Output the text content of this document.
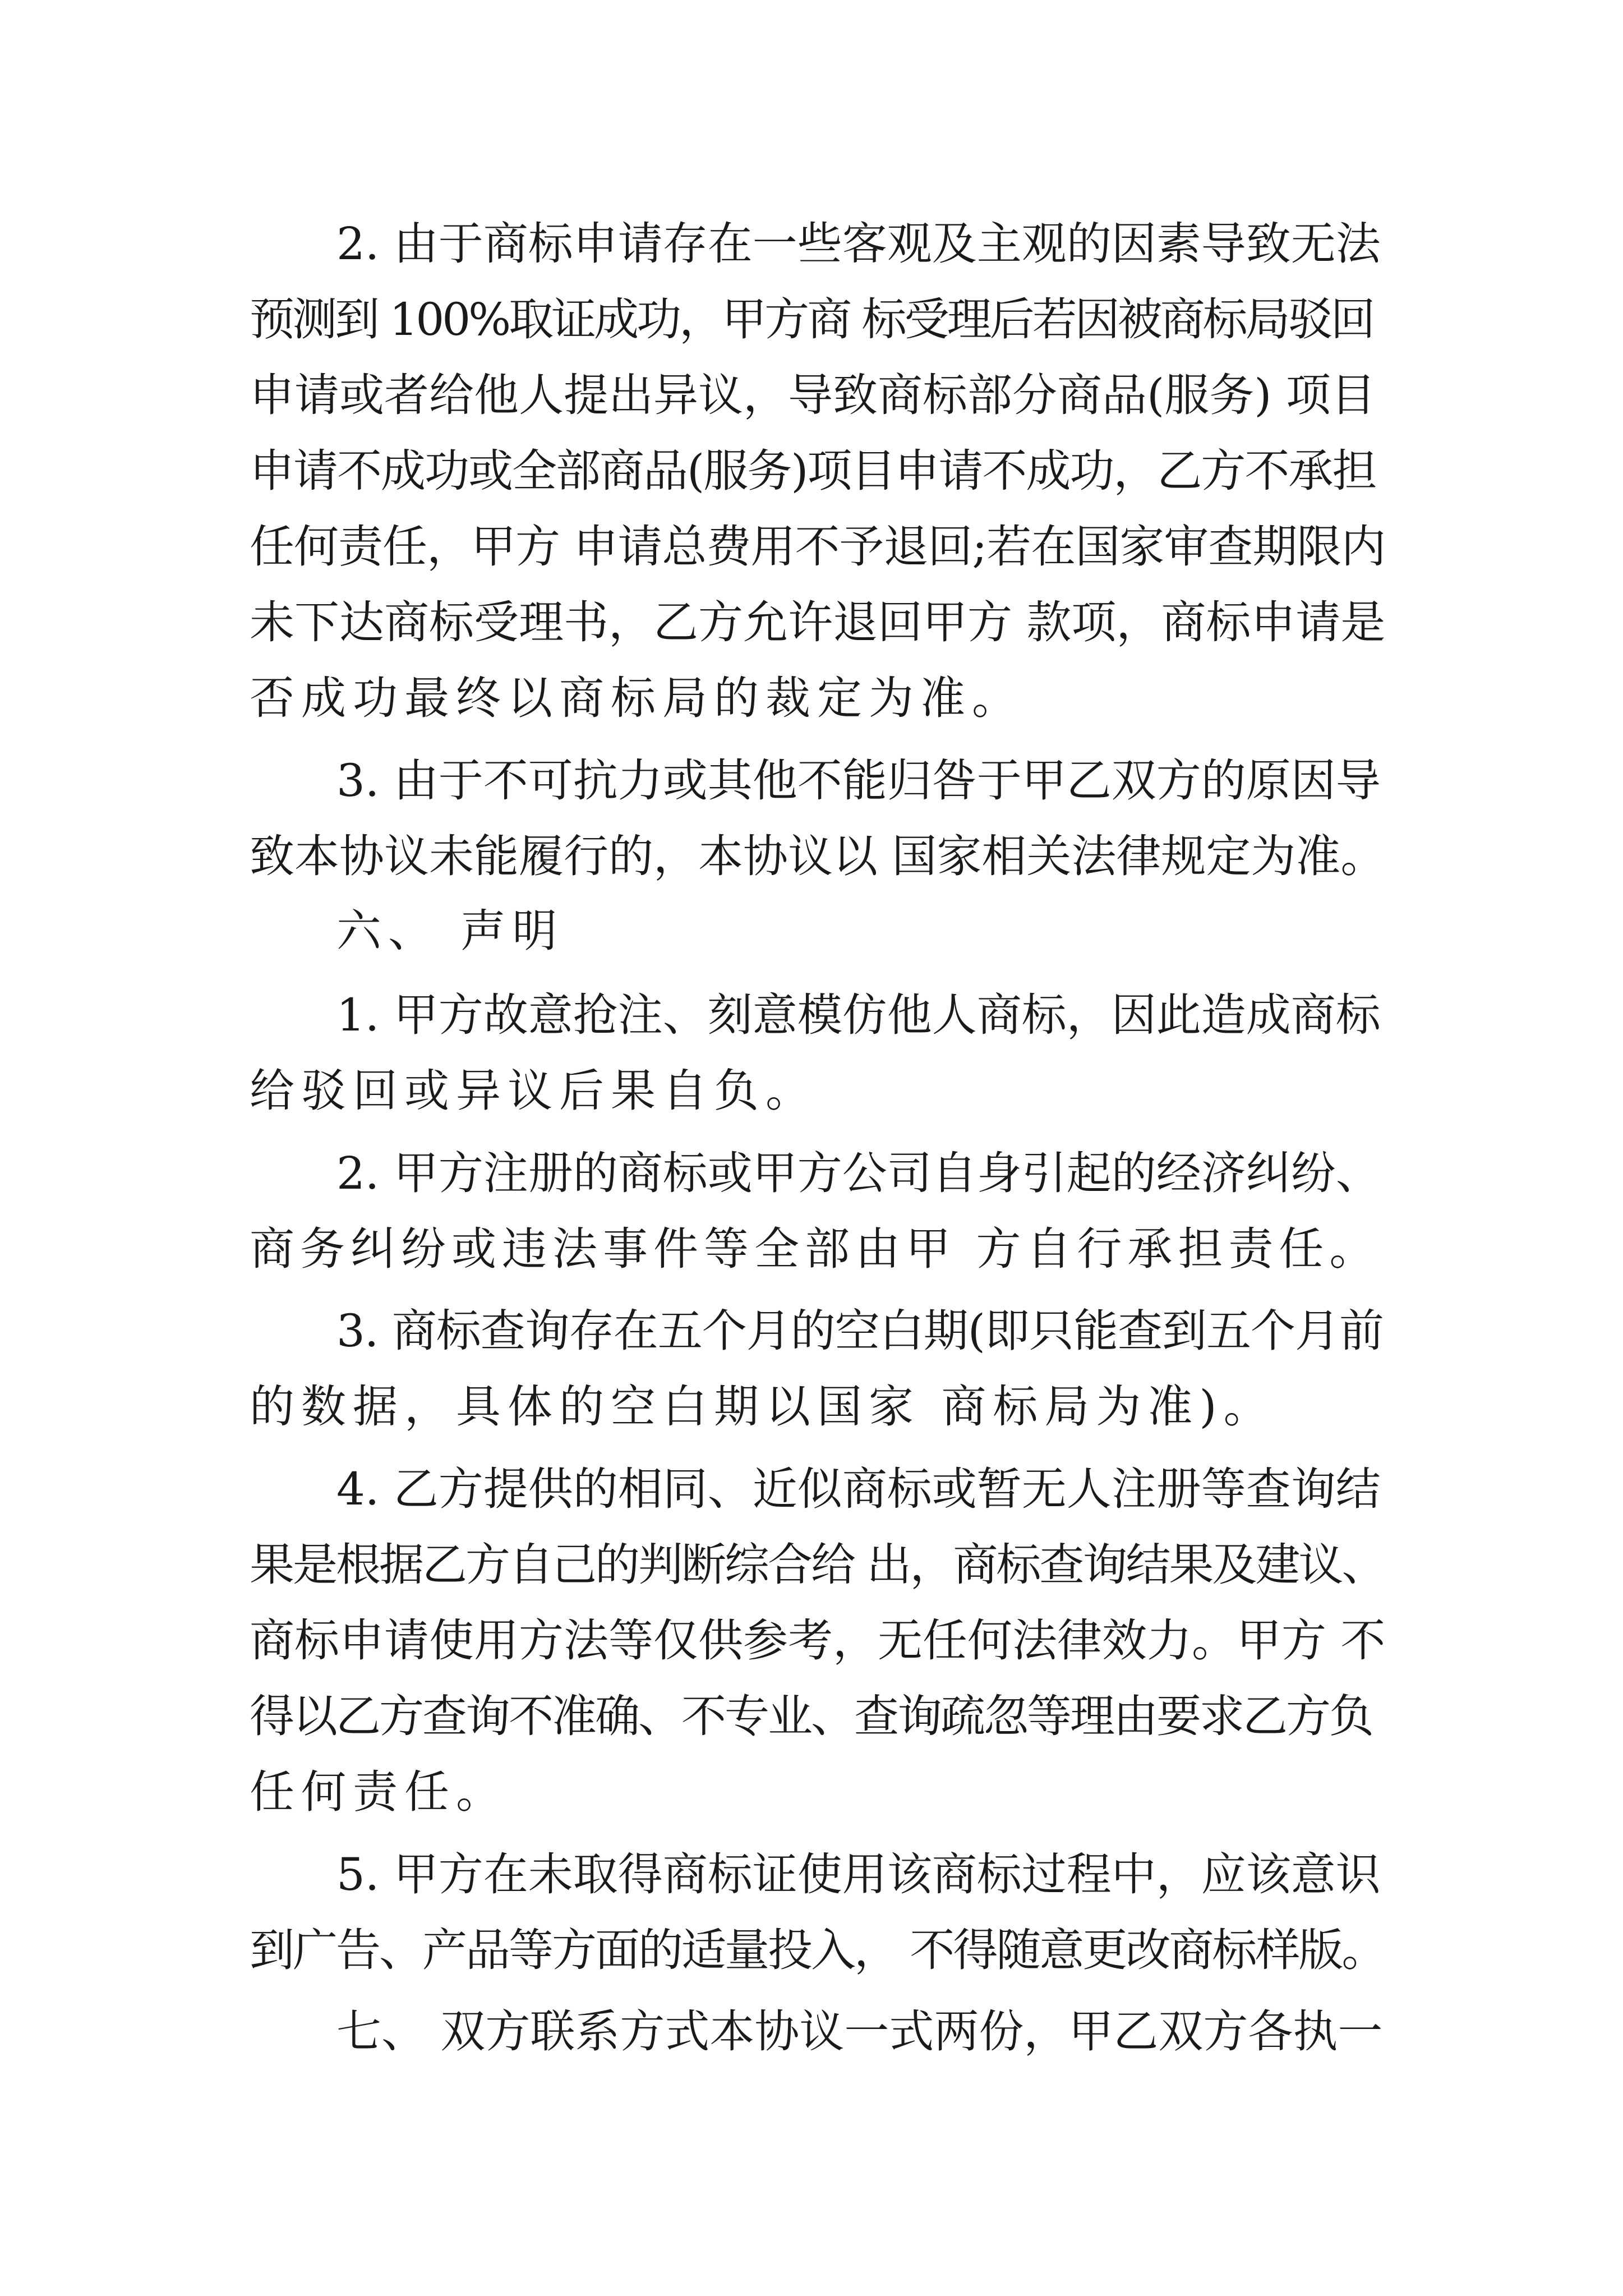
2. 由于商标申请存在一些客观及主观的因素导致无法
预测到 100%取证成功，甲方商 标受理后若因被商标局驳回
申请或者给他人提出异议，导致商标部分商品(服务) 项目
申请不成功或全部商品(服务)项目申请不成功，乙方不承担
任何责任，甲方 申请总费用不予退回;若在国家审查期限内
未下达商标受理书，乙方允许退回甲方 款项，商标申请是
否成功最终以商标局的裁定为准。
3. 由于不可抗力或其他不能归咎于甲乙双方的原因导
致本协议未能履行的，本协议以 国家相关法律规定为准。
六、 声明
1. 甲方故意抢注、刻意模仿他人商标，因此造成商标
给驳回或异议后果自负。
2. 甲方注册的商标或甲方公司自身引起的经济纠纷、
商务纠纷或违法事件等全部由甲 方自行承担责任。
3. 商标查询存在五个月的空白期(即只能查到五个月前
的数据，具体的空白期以国家 商标局为准)。
4. 乙方提供的相同、近似商标或暂无人注册等查询结
果是根据乙方自己的判断综合给 出，商标查询结果及建议、
商标申请使用方法等仅供参考，无任何法律效力。甲方 不
得以乙方查询不准确、不专业、查询疏忽等理由要求乙方负
任何责任。
5. 甲方在未取得商标证使用该商标过程中，应该意识
到广告、产品等方面的适量投入， 不得随意更改商标样版。
七、 双方联系方式本协议一式两份，甲乙双方各执一
